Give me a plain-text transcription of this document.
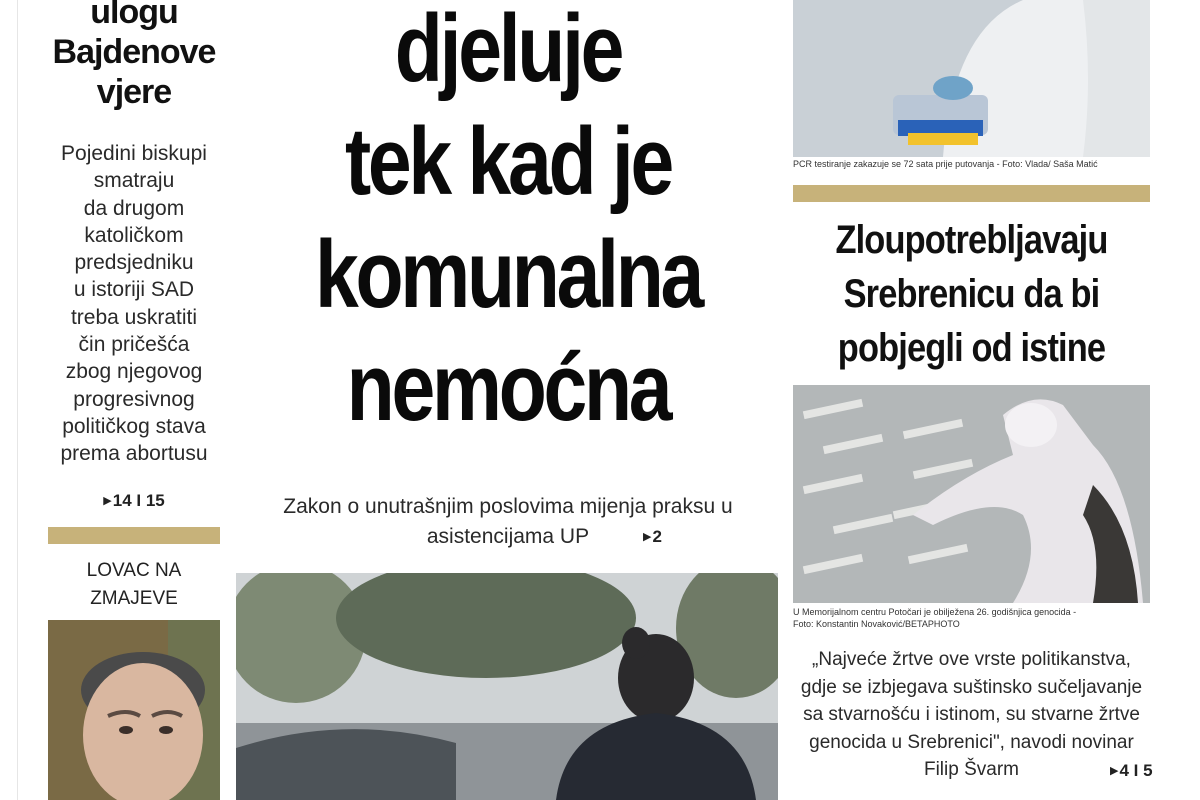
ulogu
Bajdenove
vjere
Pojedini biskupi
smatraju
da drugom
katoličkom
predsjedniku
u istoriji SAD
treba uskratiti
čin pričešća
zbog njegovog
progresivnog
političkog stava
prema abortusu
▶14 I 15
LOVAC NA
ZMAJEVE
djeluje
tek kad je
komunalna
nemoćna
Zakon o unutrašnjim poslovima mijenja praksu u
asistencijama UP	▶2
PCR testiranje zakazuje se 72 sata prije putovanja - Foto: Vlada/ Saša Matić
Zloupotrebljavaju
Srebrenicu da bi
pobjegli od istine
U Memorijalnom centru Potočari je obilježena 26. godišnjica genocida -
Foto: Konstantin Novaković/BETAPHOTO
„Najveće žrtve ove vrste politikanstva,
gdje se izbjegava suštinsko sučeljavanje
sa stvarnošću i istinom, su stvarne žrtve
genocida u Srebrenici", navodi novinar
Filip Švarm	▶4 I 5
